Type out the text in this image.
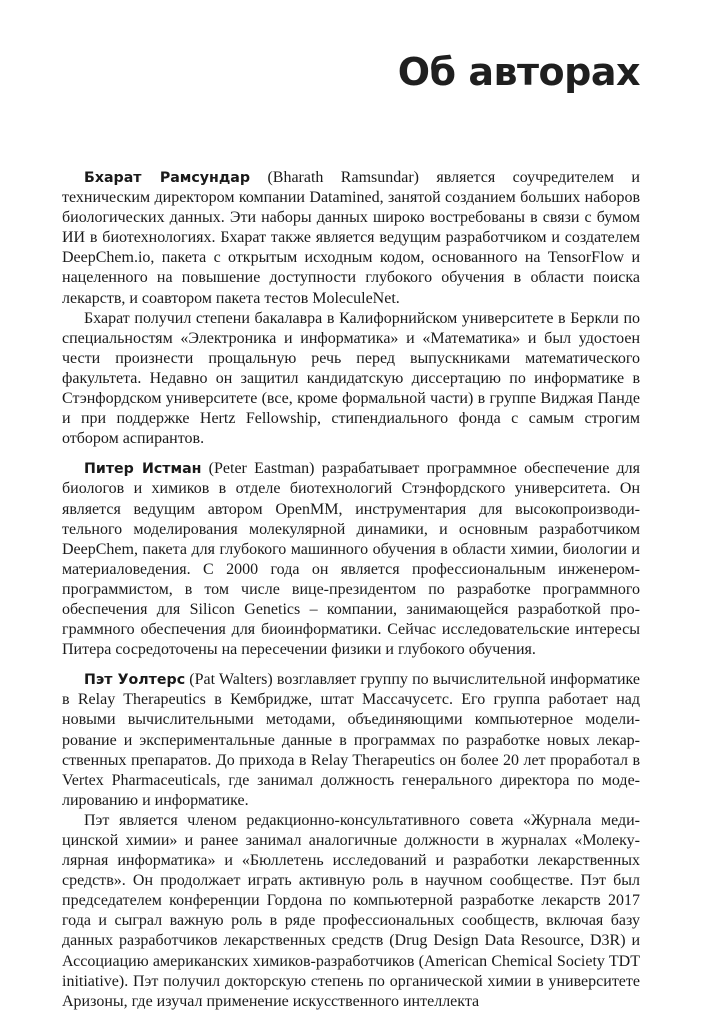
Об авторах

Бхарат Рамсундар (Bharath Ramsundar) является соучредителем и техническим директором компании Datamined, занятой созданием больших наборов биологических данных. Эти наборы данных широко востребованы в связи с бумом ИИ в биотехнологиях. Бхарат также является ведущим разработчиком и создателем DeepChem.io, пакета с открытым исходным кодом, основанного на TensorFlow и нацеленного на повышение доступности глубокого обучения в области поиска лекарств, и соавтором пакета тестов MoleculeNet.

Бхарат получил степени бакалавра в Калифорнийском университете в Беркли по специальностям «Электроника и информатика» и «Математика» и был удостоен чести произнести прощальную речь перед выпускниками математического факультета. Недавно он защитил кандидатскую диссертацию по информатике в Стэнфордском университете (все, кроме формальной части) в группе Виджая Панде и при поддержке Hertz Fellowship, стипендиального фонда с самым строгим отбором аспирантов.

Питер Истман (Peter Eastman) разрабатывает программное обеспечение для биологов и химиков в отделе биотехнологий Стэнфордского университета. Он является ведущим автором OpenMM, инструментария для высокопроизводительного моделирования молекулярной динамики, и основным разработчиком DeepChem, пакета для глубокого машинного обучения в области химии, биологии и материаловедения. С 2000 года он является профессиональным инженером-программистом, в том числе вице-президентом по разработке программного обеспечения для Silicon Genetics – компании, занимающейся разработкой программного обеспечения для биоинформатики. Сейчас исследовательские интересы Питера сосредоточены на пересечении физики и глубокого обучения.

Пэт Уолтерс (Pat Walters) возглавляет группу по вычислительной информатике в Relay Therapeutics в Кембридже, штат Массачусетс. Его группа работает над новыми вычислительными методами, объединяющими компьютерное моделирование и экспериментальные данные в программах по разработке новых лекарственных препаратов. До прихода в Relay Therapeutics он более 20 лет проработал в Vertex Pharmaceuticals, где занимал должность генерального директора по моделированию и информатике.

Пэт является членом редакционно-консультативного совета «Журнала медицинской химии» и ранее занимал аналогичные должности в журналах «Молекулярная информатика» и «Бюллетень исследований и разработки лекарственных средств». Он продолжает играть активную роль в научном сообществе. Пэт был председателем конференции Гордона по компьютерной разработке лекарств 2017 года и сыграл важную роль в ряде профессиональных сообществ, включая базу данных разработчиков лекарственных средств (Drug Design Data Resource, D3R) и Ассоциацию американских химиков-разработчиков (American Chemical Society TDT initiative). Пэт получил докторскую степень по органической химии в университете Аризоны, где изучал применение искусственного интеллекта
